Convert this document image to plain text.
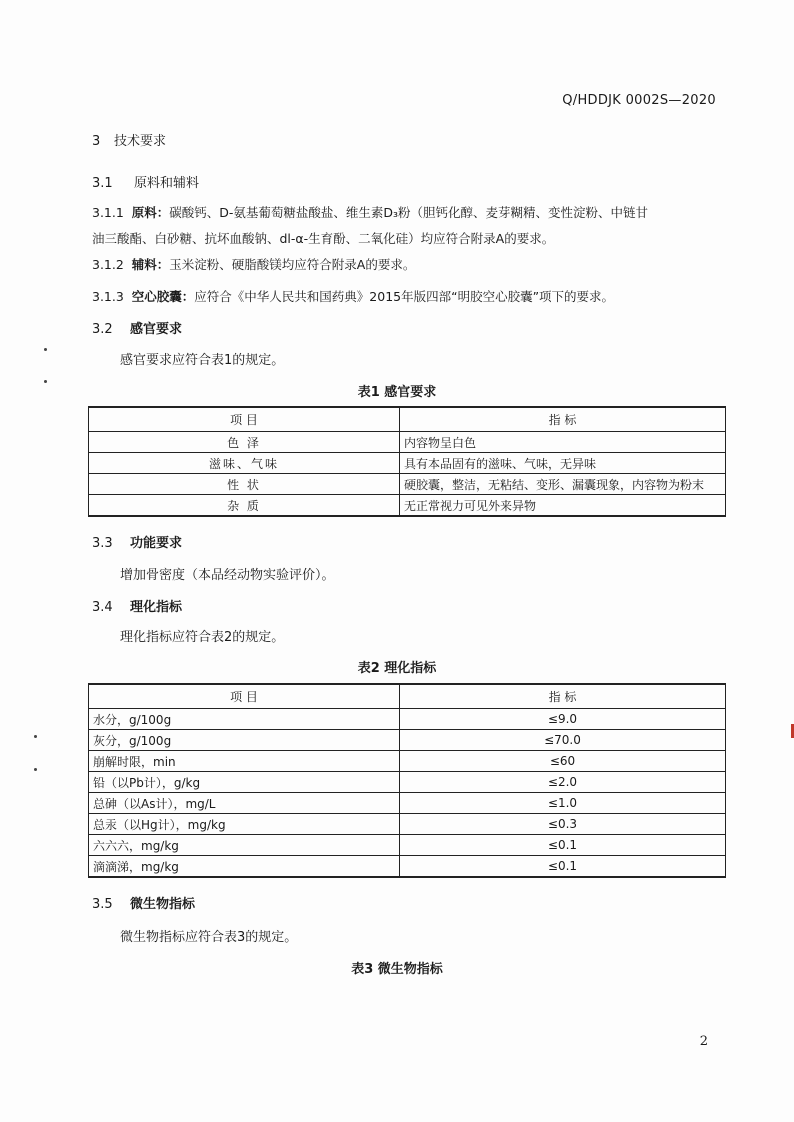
Q/HDDJK 0002S—2020
3 技术要求
3.1 原料和辅料
3.1.1 原料：碳酸钙、D-氨基葡萄糖盐酸盐、维生素D₃粉（胆钙化醇、麦芽糊精、变性淀粉、中链甘
油三酸酯、白砂糖、抗坏血酸钠、dl-α-生育酚、二氧化硅）均应符合附录A的要求。
3.1.2 辅料：玉米淀粉、硬脂酸镁均应符合附录A的要求。
3.1.3 空心胶囊：应符合《中华人民共和国药典》2015年版四部“明胶空心胶囊”项下的要求。
3.2 感官要求
感官要求应符合表1的规定。
表1 感官要求
项 目	指 标
色 泽	内容物呈白色
滋味、气味	具有本品固有的滋味、气味，无异味
性 状	硬胶囊，整洁，无粘结、变形、漏囊现象，内容物为粉末
杂 质	无正常视力可见外来异物
3.3 功能要求
增加骨密度（本品经动物实验评价）。
3.4 理化指标
理化指标应符合表2的规定。
表2 理化指标
项 目	指 标
水分，g/100g	≤9.0
灰分，g/100g	≤70.0
崩解时限，min	≤60
铅（以Pb计），g/kg	≤2.0
总砷（以As计），mg/L	≤1.0
总汞（以Hg计），mg/kg	≤0.3
六六六，mg/kg	≤0.1
滴滴涕，mg/kg	≤0.1
3.5 微生物指标
微生物指标应符合表3的规定。
表3 微生物指标
2
